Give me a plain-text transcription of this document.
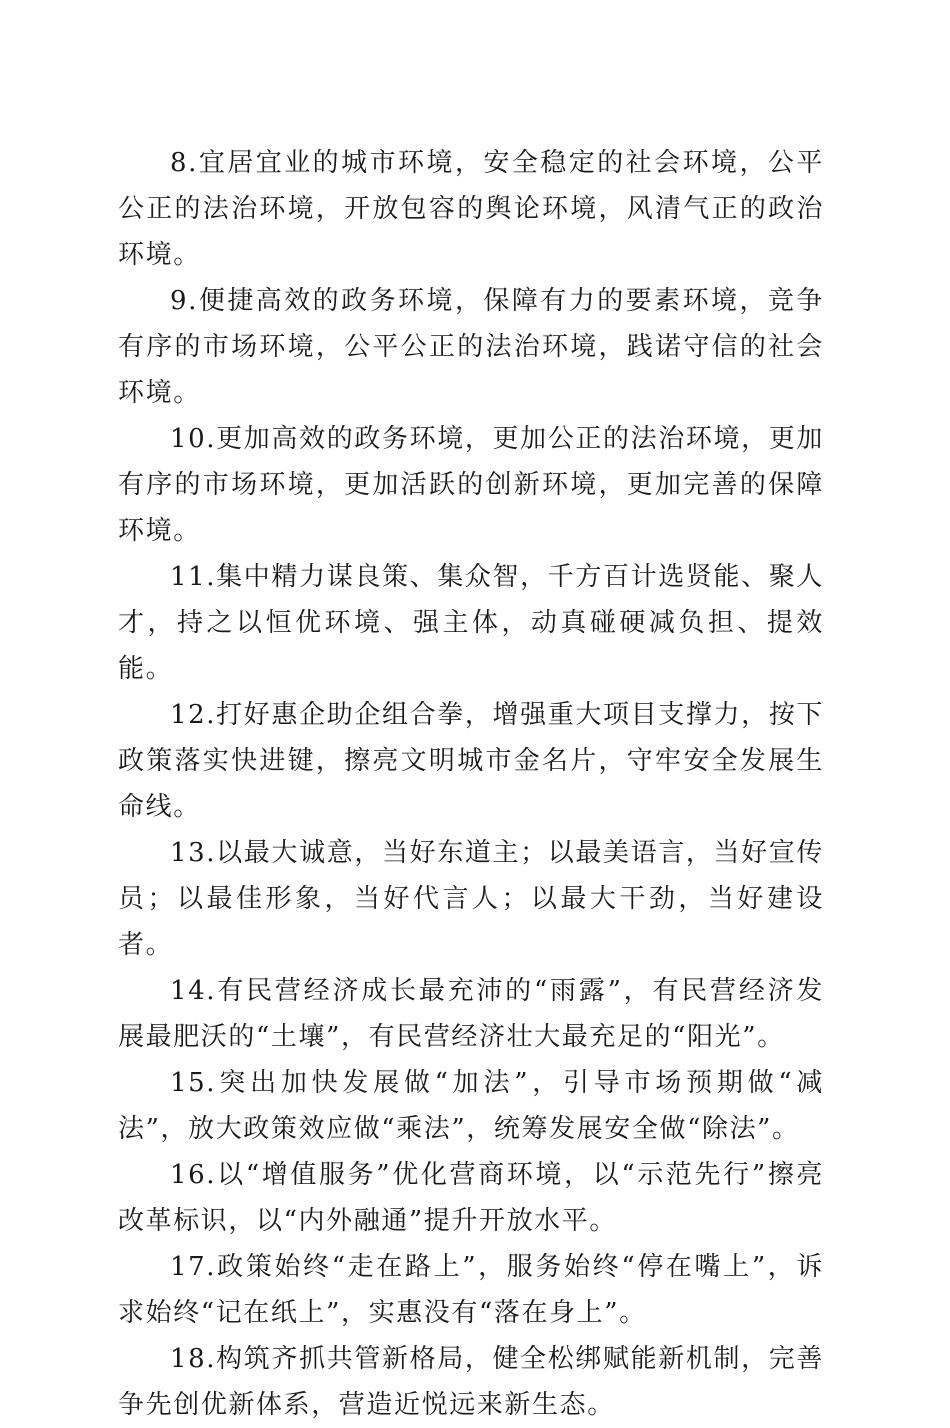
8.宜居宜业的城市环境，安全稳定的社会环境，公平公正的法治环境，开放包容的舆论环境，风清气正的政治环境。

9.便捷高效的政务环境，保障有力的要素环境，竞争有序的市场环境，公平公正的法治环境，践诺守信的社会环境。

10.更加高效的政务环境，更加公正的法治环境，更加有序的市场环境，更加活跃的创新环境，更加完善的保障环境。

11.集中精力谋良策、集众智，千方百计选贤能、聚人才，持之以恒优环境、强主体，动真碰硬减负担、提效能。

12.打好惠企助企组合拳，增强重大项目支撑力，按下政策落实快进键，擦亮文明城市金名片，守牢安全发展生命线。

13.以最大诚意，当好东道主；以最美语言，当好宣传员；以最佳形象，当好代言人；以最大干劲，当好建设者。

14.有民营经济成长最充沛的“雨露”，有民营经济发展最肥沃的“土壤”，有民营经济壮大最充足的“阳光”。

15.突出加快发展做“加法”，引导市场预期做“减法”，放大政策效应做“乘法”，统筹发展安全做“除法”。

16.以“增值服务”优化营商环境，以“示范先行”擦亮改革标识，以“内外融通”提升开放水平。

17.政策始终“走在路上”，服务始终“停在嘴上”，诉求始终“记在纸上”，实惠没有“落在身上”。

18.构筑齐抓共管新格局，健全松绑赋能新机制，完善争先创优新体系，营造近悦远来新生态。
